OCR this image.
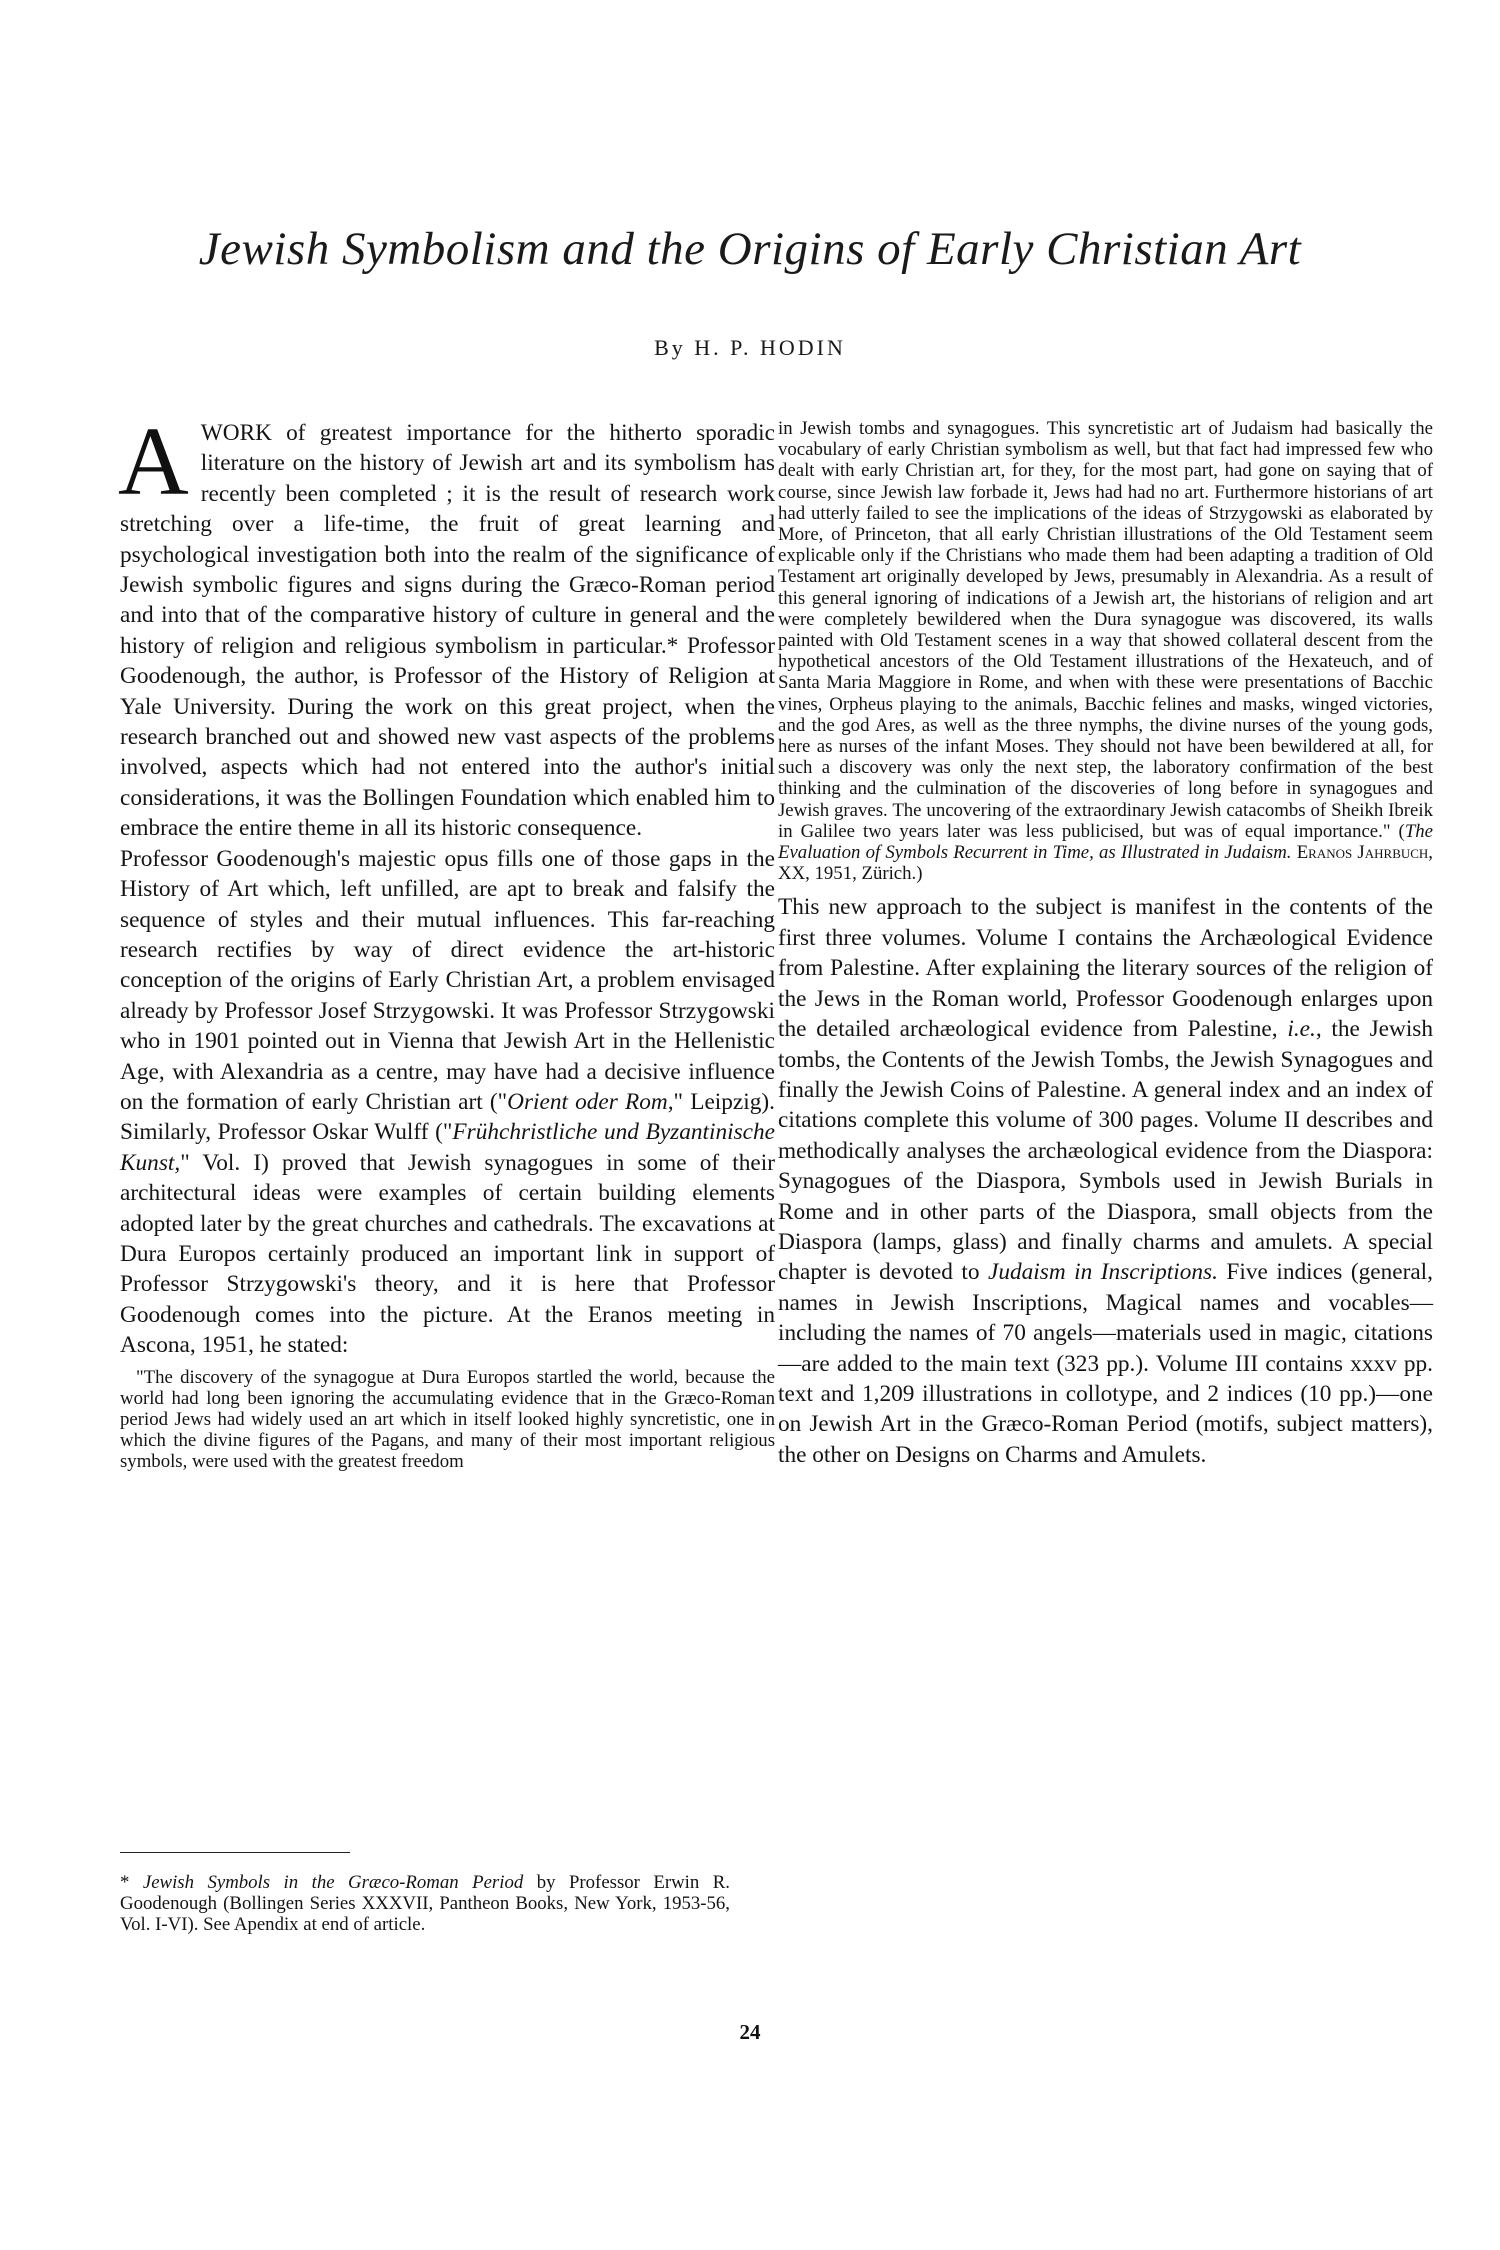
Jewish Symbolism and the Origins of Early Christian Art
By H. P. HODIN

AWORK of greatest importance for the hitherto sporadic literature on the history of Jewish art and its symbolism has recently been completed ; it is the result of research work stretching over a life-time, the fruit of great learning and psychological investigation both into the realm of the significance of Jewish symbolic figures and signs during the Græco-Roman period and into that of the comparative history of culture in general and the history of religion and religious symbolism in particular.* Professor Goodenough, the author, is Professor of the History of Religion at Yale University. During the work on this great project, when the research branched out and showed new vast aspects of the problems involved, aspects which had not entered into the author's initial considerations, it was the Bollingen Foundation which enabled him to embrace the entire theme in all its historic consequence.

Professor Goodenough's majestic opus fills one of those gaps in the History of Art which, left unfilled, are apt to break and falsify the sequence of styles and their mutual influences. This far-reaching research rectifies by way of direct evidence the art-historic conception of the origins of Early Christian Art, a problem envisaged already by Professor Josef Strzygowski. It was Professor Strzygowski who in 1901 pointed out in Vienna that Jewish Art in the Hellenistic Age, with Alexandria as a centre, may have had a decisive influence on the formation of early Christian art ("Orient oder Rom," Leipzig). Similarly, Professor Oskar Wulff ("Frühchristliche und Byzantinische Kunst," Vol. I) proved that Jewish synagogues in some of their architectural ideas were examples of certain building elements adopted later by the great churches and cathedrals. The excavations at Dura Europos certainly produced an important link in support of Professor Strzygowski's theory, and it is here that Professor Goodenough comes into the picture. At the Eranos meeting in Ascona, 1951, he stated:

"The discovery of the synagogue at Dura Europos startled the world, because the world had long been ignoring the accumulating evidence that in the Græco-Roman period Jews had widely used an art which in itself looked highly syncretistic, one in which the divine figures of the Pagans, and many of their most important religious symbols, were used with the greatest freedom

* Jewish Symbols in the Græco-Roman Period by Professor Erwin R. Goodenough (Bollingen Series XXXVII, Pantheon Books, New York, 1953-56, Vol. I-VI). See Apendix at end of article.

in Jewish tombs and synagogues. This syncretistic art of Judaism had basically the vocabulary of early Christian symbolism as well, but that fact had impressed few who dealt with early Christian art, for they, for the most part, had gone on saying that of course, since Jewish law forbade it, Jews had had no art. Furthermore historians of art had utterly failed to see the implications of the ideas of Strzygowski as elaborated by More, of Princeton, that all early Christian illustrations of the Old Testament seem explicable only if the Christians who made them had been adapting a tradition of Old Testament art originally developed by Jews, presumably in Alexandria. As a result of this general ignoring of indications of a Jewish art, the historians of religion and art were completely bewildered when the Dura synagogue was discovered, its walls painted with Old Testament scenes in a way that showed collateral descent from the hypothetical ancestors of the Old Testament illustrations of the Hexateuch, and of Santa Maria Maggiore in Rome, and when with these were presentations of Bacchic vines, Orpheus playing to the animals, Bacchic felines and masks, winged victories, and the god Ares, as well as the three nymphs, the divine nurses of the young gods, here as nurses of the infant Moses. They should not have been bewildered at all, for such a discovery was only the next step, the laboratory confirmation of the best thinking and the culmination of the discoveries of long before in synagogues and Jewish graves. The uncovering of the extraordinary Jewish catacombs of Sheikh Ibreik in Galilee two years later was less publicised, but was of equal importance." (The Evaluation of Symbols Recurrent in Time, as Illustrated in Judaism. Eranos Jahrbuch, XX, 1951, Zürich.)

This new approach to the subject is manifest in the contents of the first three volumes. Volume I contains the Archæological Evidence from Palestine. After explaining the literary sources of the religion of the Jews in the Roman world, Professor Goodenough enlarges upon the detailed archæological evidence from Palestine, i.e., the Jewish tombs, the Contents of the Jewish Tombs, the Jewish Synagogues and finally the Jewish Coins of Palestine. A general index and an index of citations complete this volume of 300 pages. Volume II describes and methodically analyses the archæological evidence from the Diaspora: Synagogues of the Diaspora, Symbols used in Jewish Burials in Rome and in other parts of the Diaspora, small objects from the Diaspora (lamps, glass) and finally charms and amulets. A special chapter is devoted to Judaism in Inscriptions. Five indices (general, names in Jewish Inscriptions, Magical names and vocables—including the names of 70 angels—materials used in magic, citations—are added to the main text (323 pp.). Volume III contains xxxv pp. text and 1,209 illustrations in collotype, and 2 indices (10 pp.)—one on Jewish Art in the Græco-Roman Period (motifs, subject matters), the other on Designs on Charms and Amulets.

24
